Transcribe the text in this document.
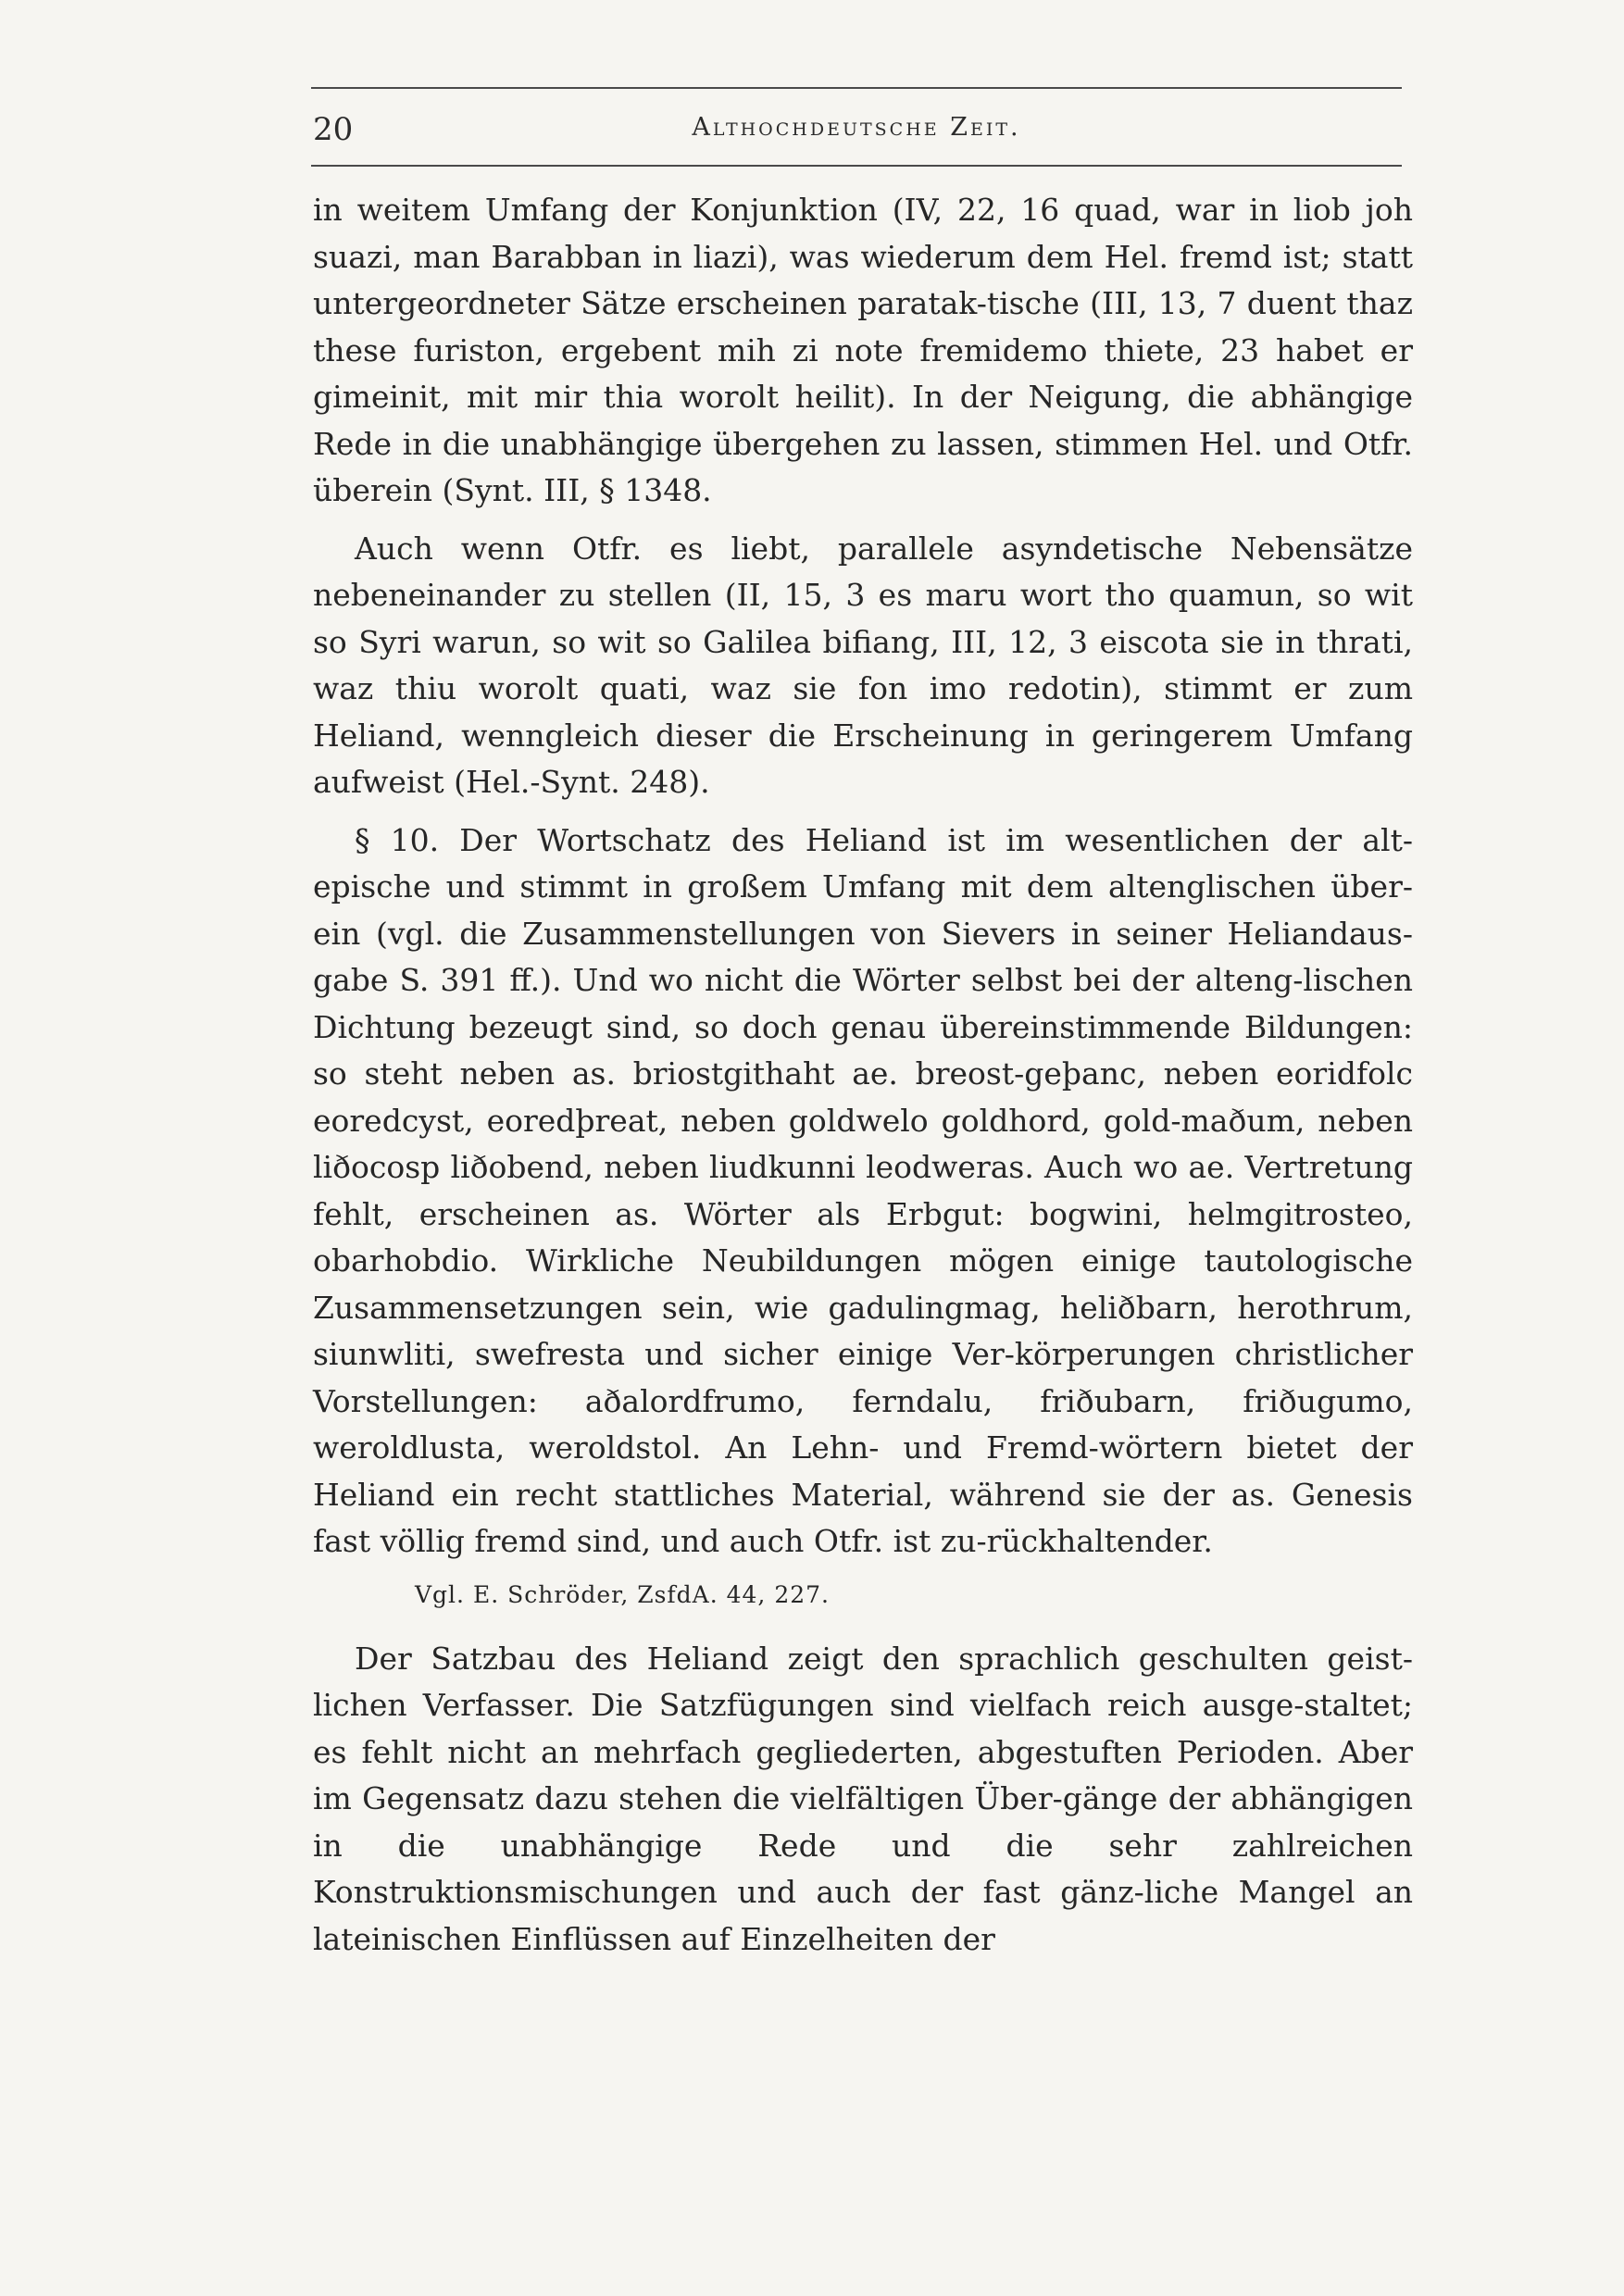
20	Althochdeutsche Zeit.

in weitem Umfang der Konjunktion (IV, 22, 16 quad, war in liob joh suazi, man Barabban in liazi), was wiederum dem Hel. fremd ist; statt untergeordneter Sätze erscheinen paratak-tische (III, 13, 7 duent thaz these furiston, ergebent mih zi note fremidemo thiete, 23 habet er gimeinit, mit mir thia worolt heilit). In der Neigung, die abhängige Rede in die unabhängige übergehen zu lassen, stimmen Hel. und Otfr. überein (Synt. III, § 1348.

Auch wenn Otfr. es liebt, parallele asyndetische Nebensätze nebeneinander zu stellen (II, 15, 3 es maru wort tho quamun, so wit so Syri warun, so wit so Galilea bifiang, III, 12, 3 eiscota sie in thrati, waz thiu worolt quati, waz sie fon imo redotin), stimmt er zum Heliand, wenngleich dieser die Erscheinung in geringerem Umfang aufweist (Hel.-Synt. 248).

§ 10. Der Wortschatz des Heliand ist im wesentlichen der alt-epische und stimmt in großem Umfang mit dem altenglischen über-ein (vgl. die Zusammenstellungen von Sievers in seiner Heliandaus-gabe S. 391 ff.). Und wo nicht die Wörter selbst bei der alteng-lischen Dichtung bezeugt sind, so doch genau übereinstimmende Bildungen: so steht neben as. briostgithaht ae. breost-geþanc, neben eoridfolc eoredcyst, eoredþreat, neben goldwelo goldhord, gold-maðum, neben liðocosp liðobend, neben liudkunni leodweras. Auch wo ae. Vertretung fehlt, erscheinen as. Wörter als Erbgut: bogwini, helmgitrosteo, obarhobdio. Wirkliche Neubildungen mögen einige tautologische Zusammensetzungen sein, wie gadulingmag, heliðbarn, herothrum, siunwliti, swefresta und sicher einige Ver-körperungen christlicher Vorstellungen: aðalordfrumo, ferndalu, friðubarn, friðugumo, weroldlusta, weroldstol. An Lehn- und Fremd-wörtern bietet der Heliand ein recht stattliches Material, während sie der as. Genesis fast völlig fremd sind, und auch Otfr. ist zu-rückhaltender.

Vgl. E. Schröder, ZsfdA. 44, 227.

Der Satzbau des Heliand zeigt den sprachlich geschulten geist-lichen Verfasser. Die Satzfügungen sind vielfach reich ausge-staltet; es fehlt nicht an mehrfach gegliederten, abgestuften Perioden. Aber im Gegensatz dazu stehen die vielfältigen Über-gänge der abhängigen in die unabhängige Rede und die sehr zahlreichen Konstruktionsmischungen und auch der fast gänz-liche Mangel an lateinischen Einflüssen auf Einzelheiten der
